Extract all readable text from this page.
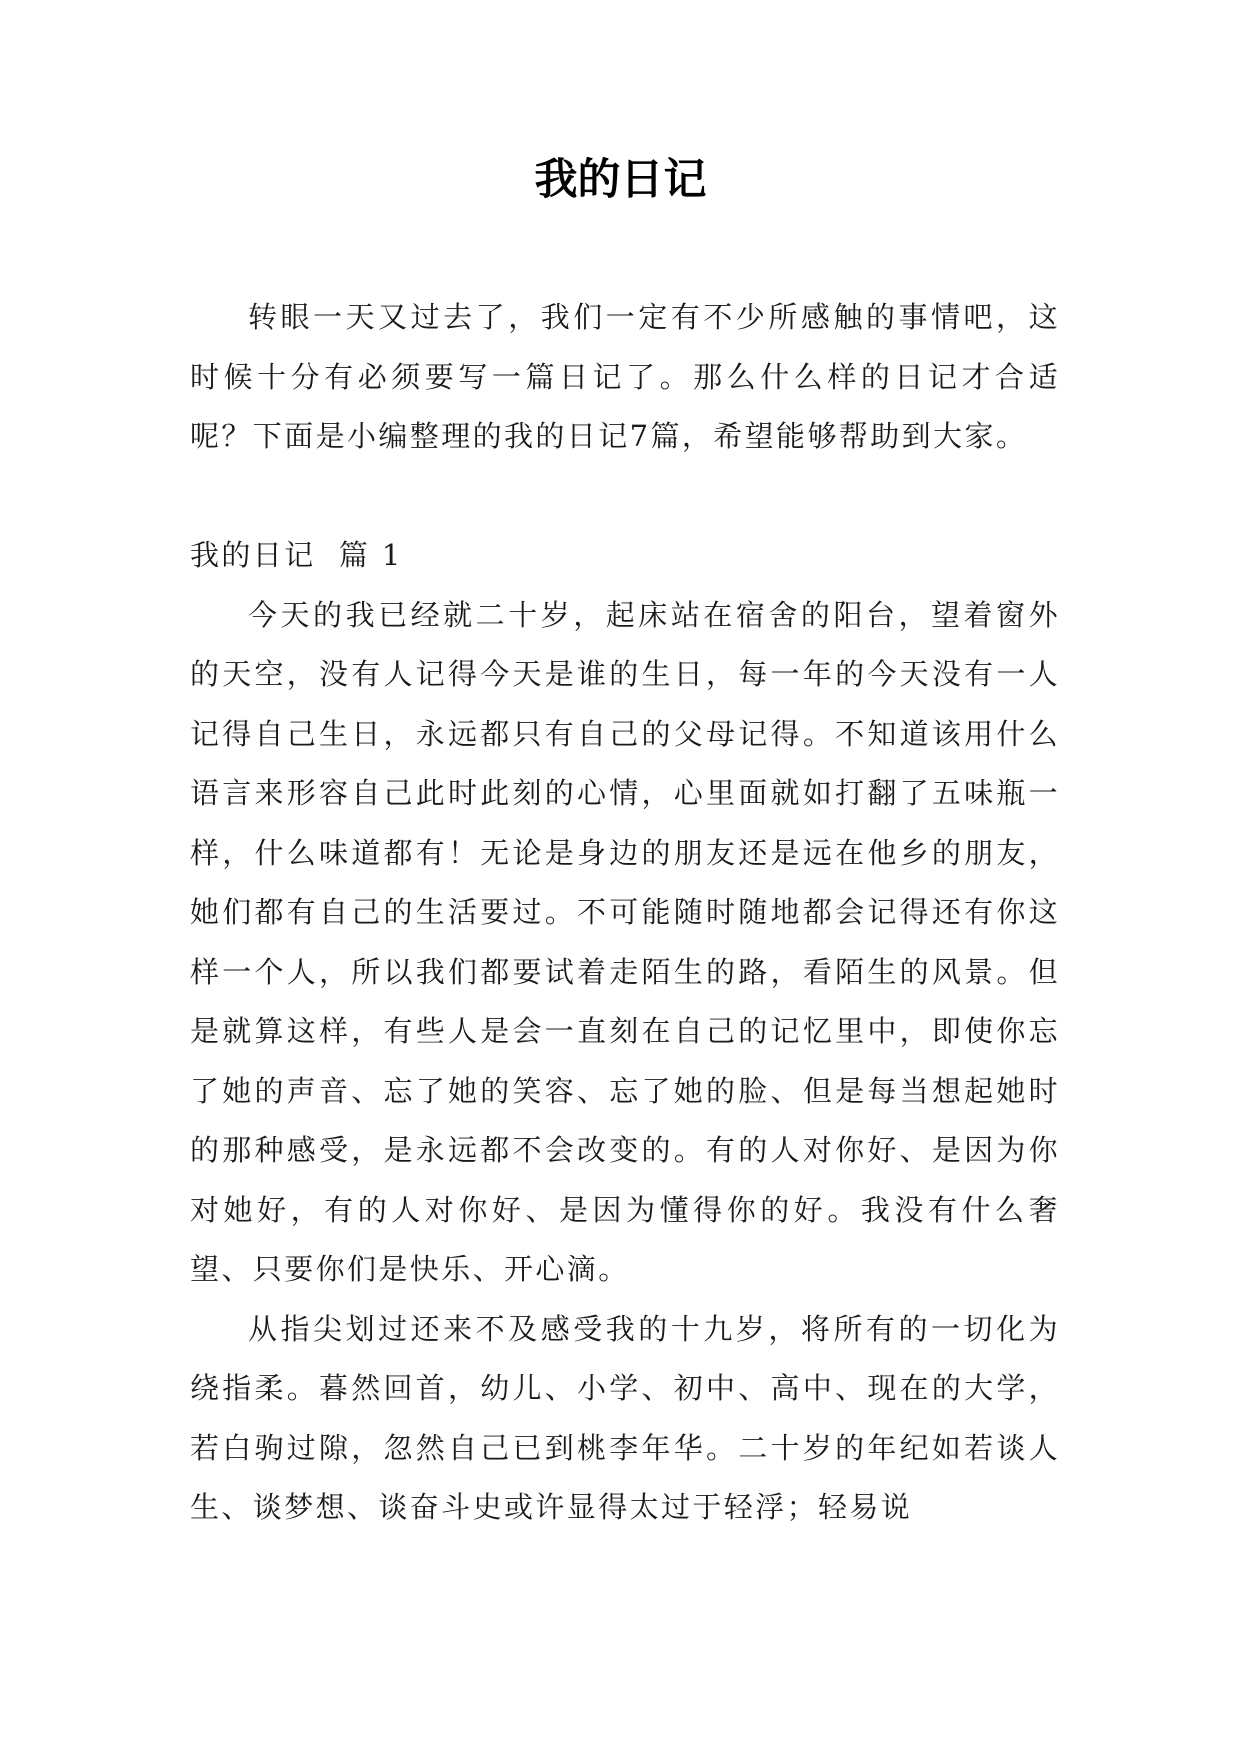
我的日记

转眼一天又过去了，我们一定有不少所感触的事情吧，这时候十分有必须要写一篇日记了。那么什么样的日记才合适呢？下面是小编整理的我的日记7篇，希望能够帮助到大家。

我的日记  篇 1

今天的我已经就二十岁，起床站在宿舍的阳台，望着窗外的天空，没有人记得今天是谁的生日，每一年的今天没有一人记得自己生日，永远都只有自己的父母记得。不知道该用什么语言来形容自己此时此刻的心情，心里面就如打翻了五味瓶一样，什么味道都有！无论是身边的朋友还是远在他乡的朋友，她们都有自己的生活要过。不可能随时随地都会记得还有你这样一个人，所以我们都要试着走陌生的路，看陌生的风景。但是就算这样，有些人是会一直刻在自己的记忆里中，即使你忘了她的声音、忘了她的笑容、忘了她的脸、但是每当想起她时的那种感受，是永远都不会改变的。有的人对你好、是因为你对她好，有的人对你好、是因为懂得你的好。我没有什么奢望、只要你们是快乐、开心滴。

从指尖划过还来不及感受我的十九岁，将所有的一切化为绕指柔。暮然回首，幼儿、小学、初中、高中、现在的大学，若白驹过隙，忽然自己已到桃李年华。二十岁的年纪如若谈人生、谈梦想、谈奋斗史或许显得太过于轻浮；轻易说
